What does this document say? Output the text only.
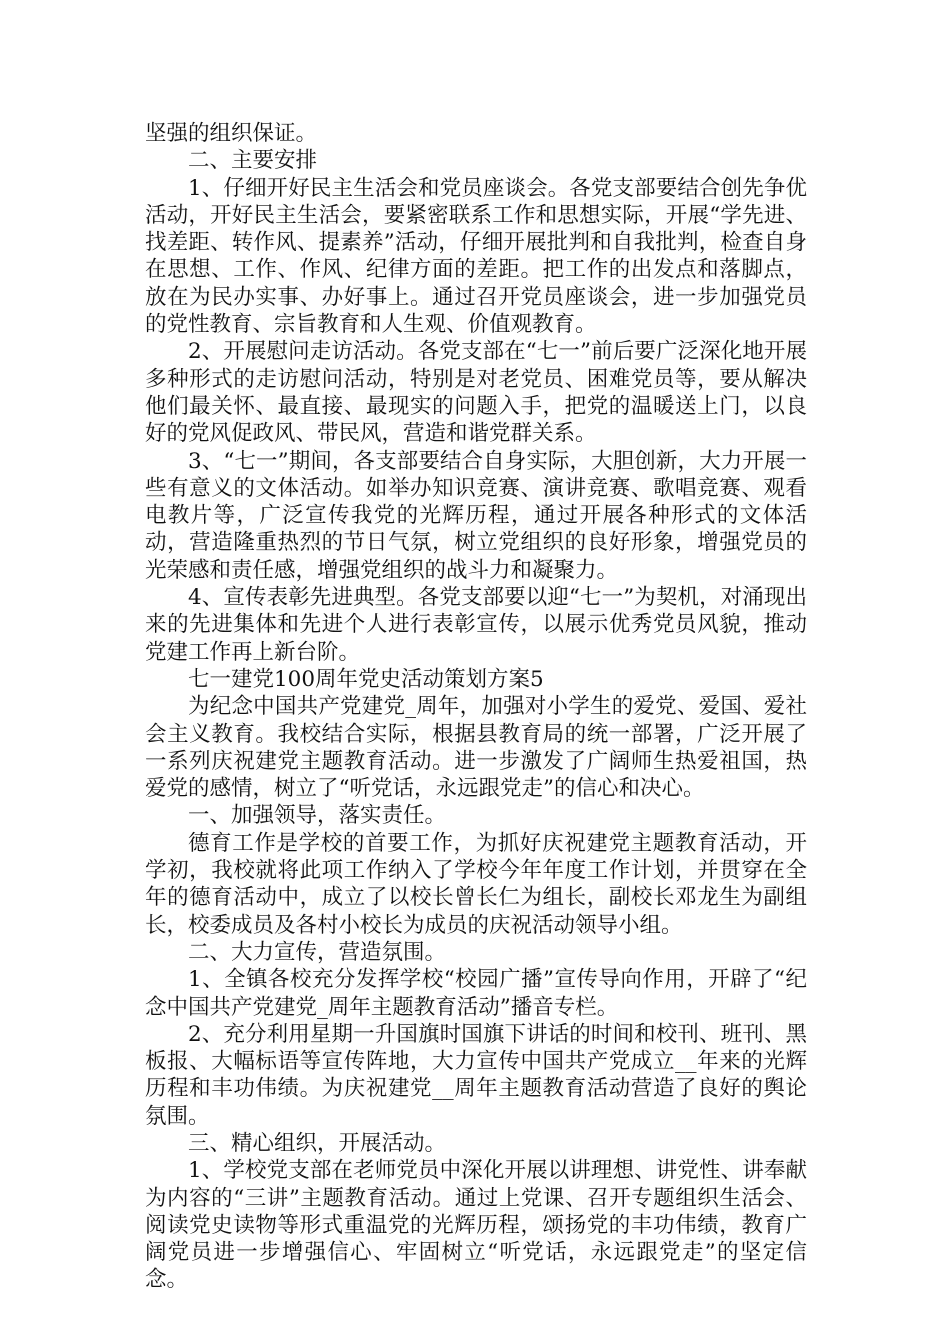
坚强的组织保证。

二、主要安排

1、仔细开好民主生活会和党员座谈会。各党支部要结合创先争优活动，开好民主生活会，要紧密联系工作和思想实际，开展“学先进、找差距、转作风、提素养”活动，仔细开展批判和自我批判，检查自身在思想、工作、作风、纪律方面的差距。把工作的出发点和落脚点，放在为民办实事、办好事上。通过召开党员座谈会，进一步加强党员的党性教育、宗旨教育和人生观、价值观教育。

2、开展慰问走访活动。各党支部在“七一”前后要广泛深化地开展多种形式的走访慰问活动，特别是对老党员、困难党员等，要从解决他们最关怀、最直接、最现实的问题入手，把党的温暖送上门，以良好的党风促政风、带民风，营造和谐党群关系。

3、“七一”期间，各支部要结合自身实际，大胆创新，大力开展一些有意义的文体活动。如举办知识竞赛、演讲竞赛、歌唱竞赛、观看电教片等，广泛宣传我党的光辉历程，通过开展各种形式的文体活动，营造隆重热烈的节日气氛，树立党组织的良好形象，增强党员的光荣感和责任感，增强党组织的战斗力和凝聚力。

4、宣传表彰先进典型。各党支部要以迎“七一”为契机，对涌现出来的先进集体和先进个人进行表彰宣传，以展示优秀党员风貌，推动党建工作再上新台阶。

七一建党100周年党史活动策划方案5

为纪念中国共产党建党_周年，加强对小学生的爱党、爱国、爱社会主义教育。我校结合实际，根据县教育局的统一部署，广泛开展了一系列庆祝建党主题教育活动。进一步激发了广阔师生热爱祖国，热爱党的感情，树立了“听党话，永远跟党走”的信心和决心。

一、加强领导，落实责任。

德育工作是学校的首要工作，为抓好庆祝建党主题教育活动，开学初，我校就将此项工作纳入了学校今年年度工作计划，并贯穿在全年的德育活动中，成立了以校长曾长仁为组长，副校长邓龙生为副组长，校委成员及各村小校长为成员的庆祝活动领导小组。

二、大力宣传，营造氛围。

1、全镇各校充分发挥学校“校园广播”宣传导向作用，开辟了“纪念中国共产党建党_周年主题教育活动”播音专栏。

2、充分利用星期一升国旗时国旗下讲话的时间和校刊、班刊、黑板报、大幅标语等宣传阵地，大力宣传中国共产党成立__年来的光辉历程和丰功伟绩。为庆祝建党__周年主题教育活动营造了良好的舆论氛围。

三、精心组织，开展活动。

1、学校党支部在老师党员中深化开展以讲理想、讲党性、讲奉献为内容的“三讲”主题教育活动。通过上党课、召开专题组织生活会、阅读党史读物等形式重温党的光辉历程，颂扬党的丰功伟绩，教育广阔党员进一步增强信心、牢固树立“听党话，永远跟党走”的坚定信念。
